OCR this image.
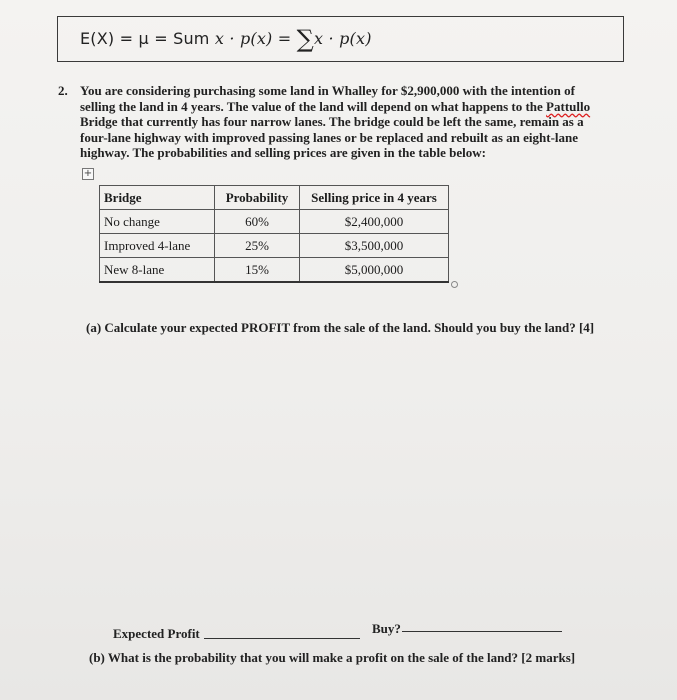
E(X) = μ = Sum x · p(x) = ∑x · p(x)
2. You are considering purchasing some land in Whalley for $2,900,000 with the intention of selling the land in 4 years. The value of the land will depend on what happens to the Pattullo Bridge that currently has four narrow lanes. The bridge could be left the same, remain as a four-lane highway with improved passing lanes or be replaced and rebuilt as an eight-lane highway. The probabilities and selling prices are given in the table below:
+
Bridge	Probability	Selling price in 4 years
No change	60%	$2,400,000
Improved 4-lane	25%	$3,500,000
New 8-lane	15%	$5,000,000
(a) Calculate your expected PROFIT from the sale of the land. Should you buy the land? [4]
Expected Profit	Buy?
(b) What is the probability that you will make a profit on the sale of the land? [2 marks]
